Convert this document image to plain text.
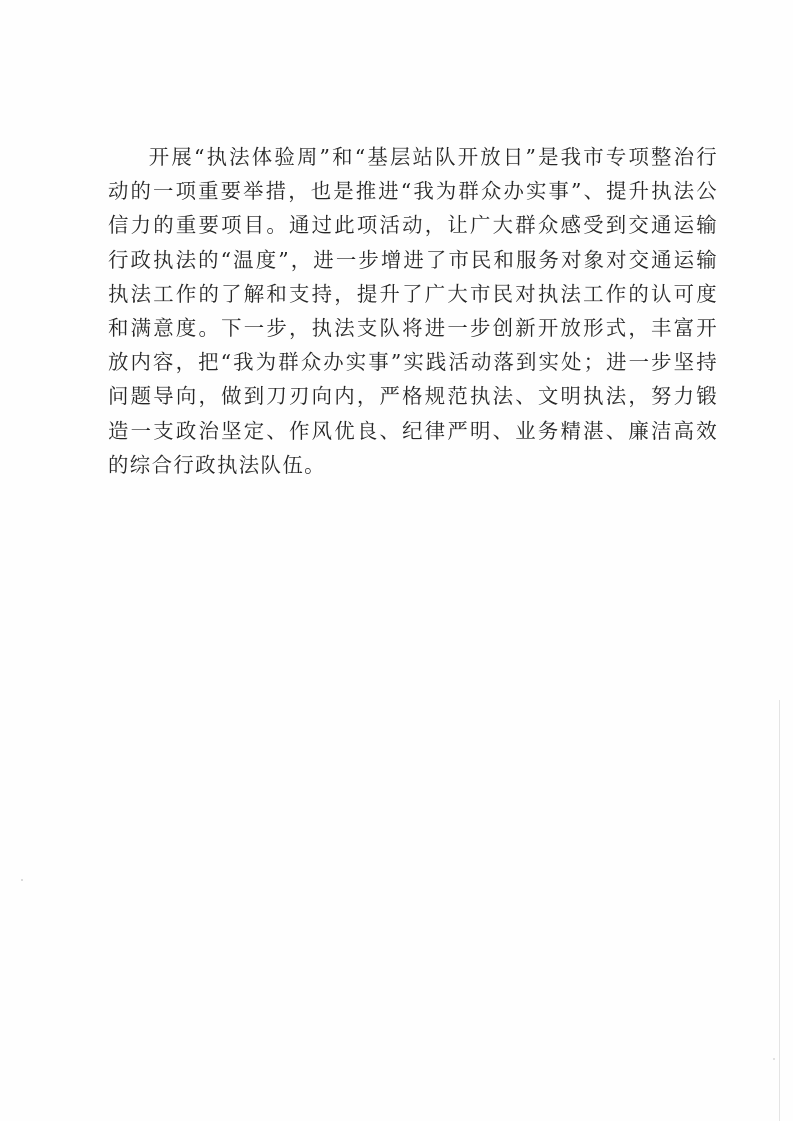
开展“执法体验周”和“基层站队开放日”是我市专项整治行动的一项重要举措，也是推进“我为群众办实事”、提升执法公信力的重要项目。通过此项活动，让广大群众感受到交通运输行政执法的“温度”，进一步增进了市民和服务对象对交通运输执法工作的了解和支持，提升了广大市民对执法工作的认可度和满意度。下一步，执法支队将进一步创新开放形式，丰富开放内容，把“我为群众办实事”实践活动落到实处；进一步坚持问题导向，做到刀刃向内，严格规范执法、文明执法，努力锻造一支政治坚定、作风优良、纪律严明、业务精湛、廉洁高效的综合行政执法队伍。
